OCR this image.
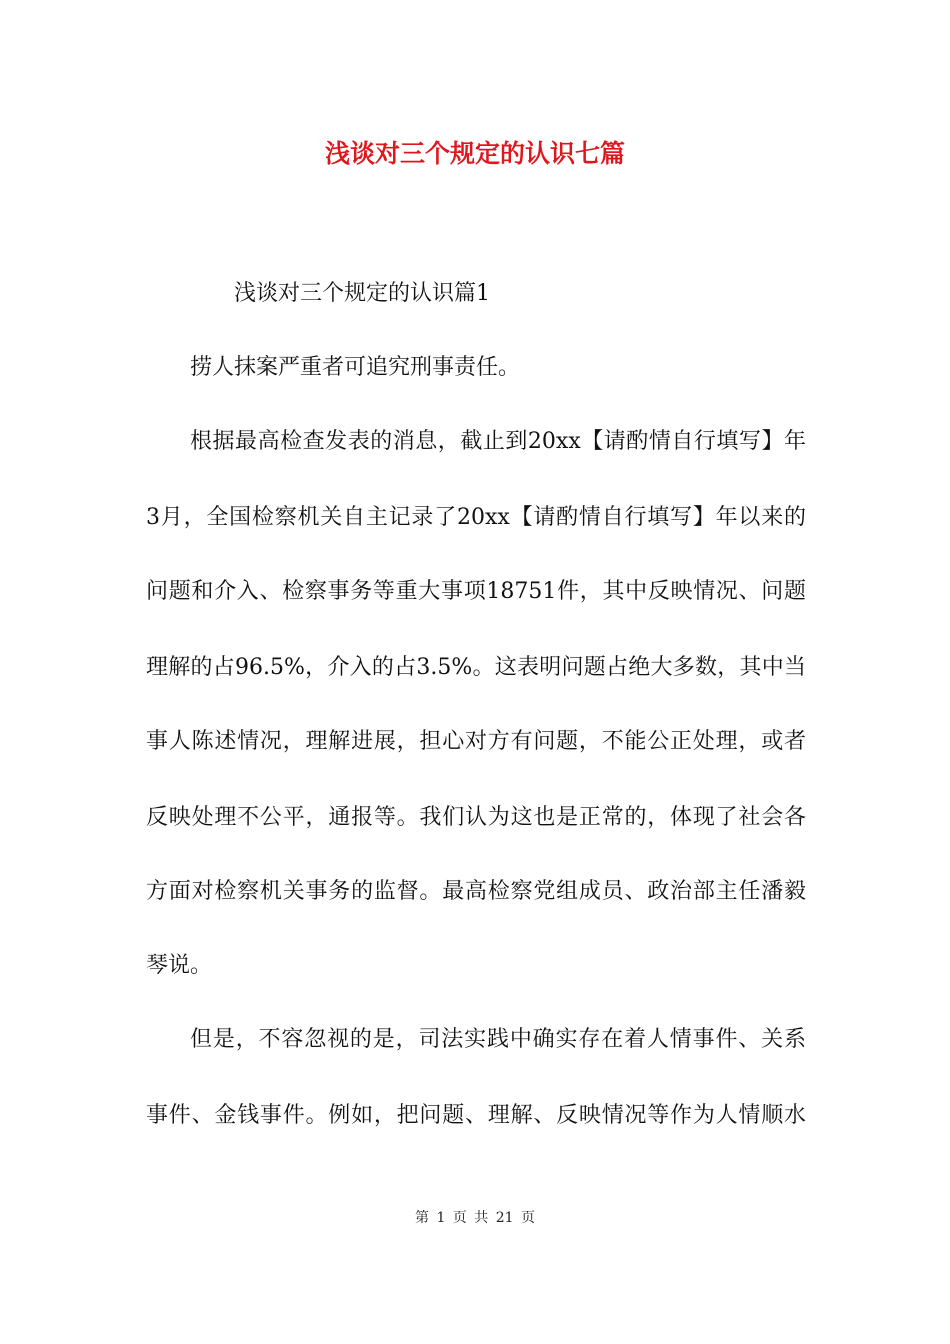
浅谈对三个规定的认识七篇

浅谈对三个规定的认识篇1

捞人抹案严重者可追究刑事责任。

根据最高检查发表的消息，截止到20xx【请酌情自行填写】年

3月，全国检察机关自主记录了20xx【请酌情自行填写】年以来的

问题和介入、检察事务等重大事项18751件，其中反映情况、问题

理解的占96.5%，介入的占3.5%。这表明问题占绝大多数，其中当

事人陈述情况，理解进展，担心对方有问题，不能公正处理，或者

反映处理不公平，通报等。我们认为这也是正常的，体现了社会各

方面对检察机关事务的监督。最高检察党组成员、政治部主任潘毅

琴说。

但是，不容忽视的是，司法实践中确实存在着人情事件、关系

事件、金钱事件。例如，把问题、理解、反映情况等作为人情顺水

第 1 页 共 21 页
